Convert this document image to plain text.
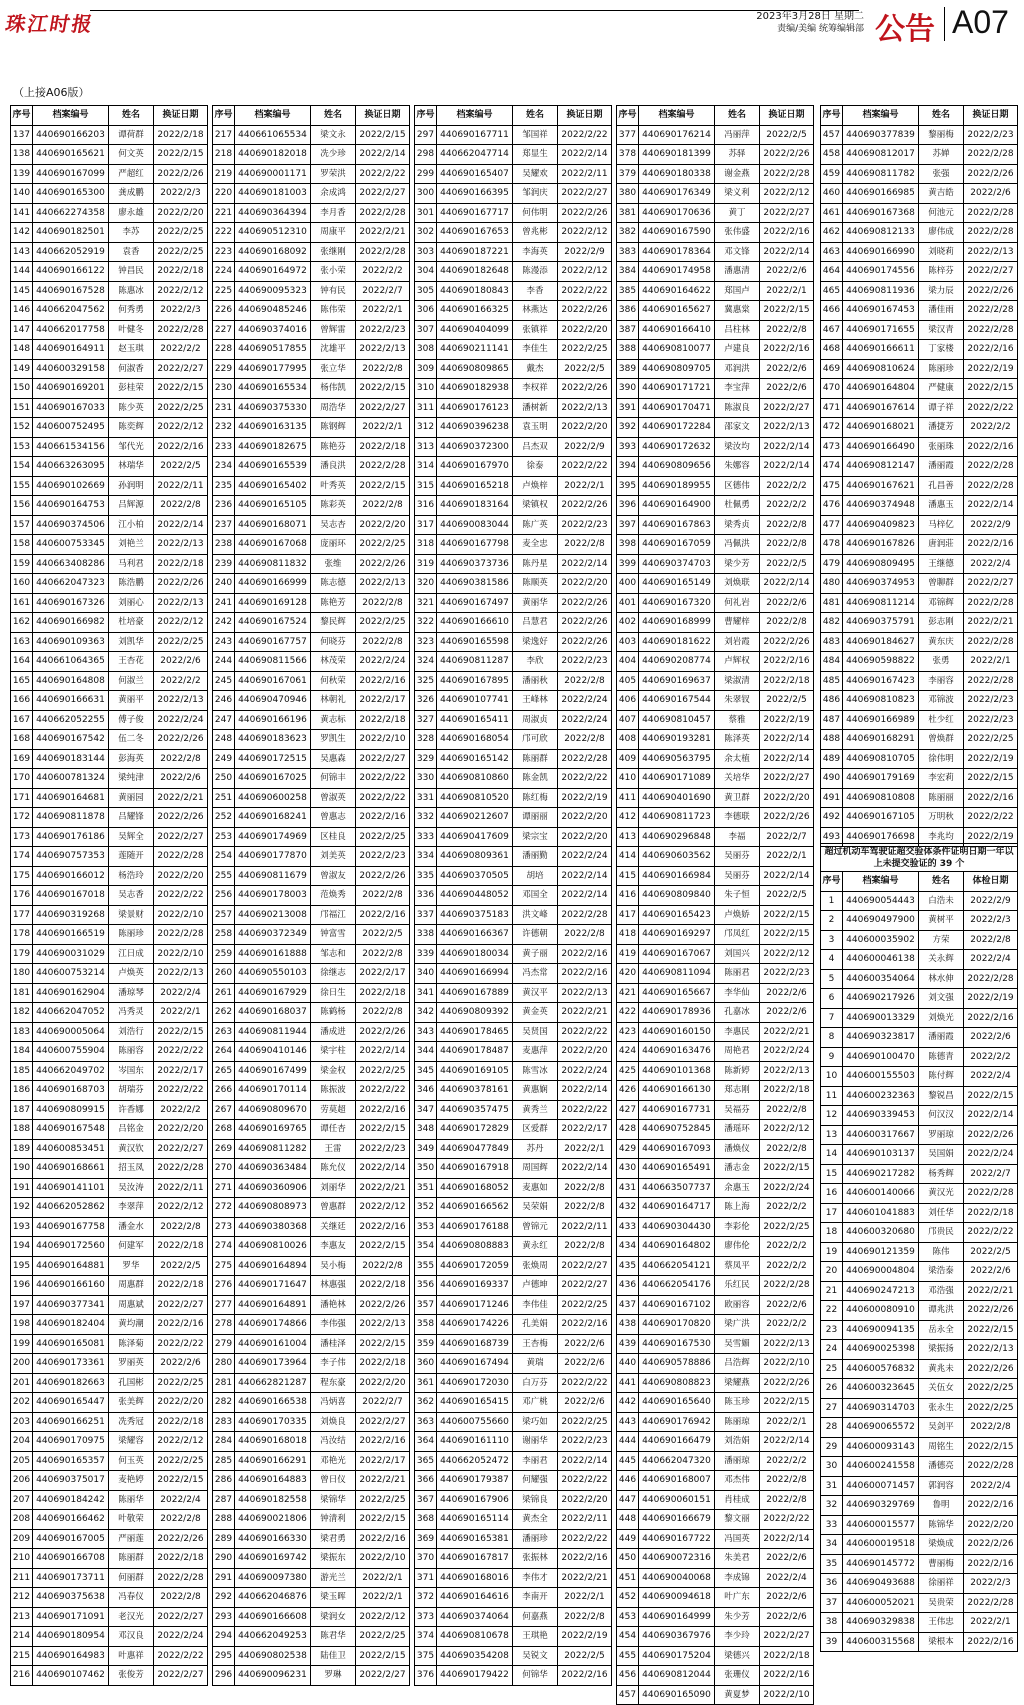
珠江时报	2023年3月28日 星期二
责编/美编 统筹编辑部 公告 A07
（上接A06版）
序号	档案编号	姓名	换证日期
137	440690166203	谭荷群	2022/2/18
138	440690165621	何文英	2022/2/15
139	440690167099	严超红	2022/2/26
140	440690165300	龚成鹏	2022/2/3
141	440662274358	廖永雄	2022/2/20
142	440690182501	李苏	2022/2/25
143	440662052919	袁香	2022/2/25
144	440690166122	钟昌民	2022/2/18
145	440690167528	陈惠冰	2022/2/12
146	440662047562	何秀勇	2022/2/3
147	440662017758	叶健冬	2022/2/28
148	440690164911	赵玉琪	2022/2/2
149	440600329158	何淑香	2022/2/27
150	440690169201	彭桂荣	2022/2/15
151	440690167033	陈少英	2022/2/25
152	440600752495	陈奕辉	2022/2/12
153	440661534156	邹代光	2022/2/16
154	440663263095	林瑞华	2022/2/5
155	440690102669	孙润明	2022/2/11
156	440690164753	吕辉源	2022/2/8
157	440690374506	江小柏	2022/2/14
158	440600753345	刘艳兰	2022/2/13
159	440663408286	马利君	2022/2/18
160	440662047323	陈浩鹏	2022/2/26
161	440690167326	刘丽心	2022/2/13
162	440690166982	杜培豪	2022/2/12
163	440690109363	刘凯华	2022/2/25
164	440661064365	王杏花	2022/2/6
165	440690164808	何淑兰	2022/2/2
166	440690166631	黄丽平	2022/2/13
167	440662052255	傅子俊	2022/2/24
168	440690167542	伍二冬	2022/2/26
169	440690183144	彭海英	2022/2/8
170	440600781324	梁纯津	2022/2/6
171	440690164681	黄丽园	2022/2/21
172	440690811878	吕耀锋	2022/2/26
173	440690176186	吴辉全	2022/2/27
174	440690757353	莲随开	2022/2/28
175	440690166012	杨浩玲	2022/2/20
176	440690167018	吴志香	2022/2/22
177	440690319268	梁景财	2022/2/10
178	440690166519	陈丽珍	2022/2/28
179	440690031029	江日成	2022/2/10
180	440600753214	卢焕英	2022/2/13
181	440690162904	潘琼琴	2022/2/4
182	440662047052	冯秀灵	2022/2/1
183	440690005064	刘浩行	2022/2/15
184	440600755904	陈丽容	2022/2/22
185	440662049702	岑国东	2022/2/17
186	440690168703	胡瑞芬	2022/2/22
187	440690809915	许香娜	2022/2/2
188	440690167548	吕铭金	2022/2/20
189	440600853451	黄汉钦	2022/2/27
190	440690168661	招玉凤	2022/2/28
191	440690141101	吴汝涛	2022/2/11
192	440662052862	李翠萍	2022/2/12
193	440690167758	潘金水	2022/2/8
194	440690172560	何建军	2022/2/18
195	440690164881	罗华	2022/2/5
196	440690166160	周惠群	2022/2/18
197	440690377341	周惠斌	2022/2/27
198	440690182404	黄均潮	2022/2/16
199	440690165081	陈泽菊	2022/2/22
200	440690173361	罗丽英	2022/2/6
201	440690182663	孔国彬	2022/2/25
202	440690165447	张美辉	2022/2/20
203	440690166251	冼秀冠	2022/2/18
204	440690170975	梁耀容	2022/2/12
205	440690165357	何玉英	2022/2/25
206	440690375017	麦艳婷	2022/2/15
207	440690184242	陈丽华	2022/2/4
208	440690166462	叶敬荣	2022/2/8
209	440690167005	严丽莲	2022/2/26
210	440690166708	陈丽群	2022/2/18
211	440690173711	何丽群	2022/2/28
212	440690375638	冯春仪	2022/2/8
213	440690171091	老汉光	2022/2/27
214	440690180954	邓汉良	2022/2/24
215	440690164983	叶惠祥	2022/2/22
216	440690107462	张俊芳	2022/2/27
序号	档案编号	姓名	换证日期
217	440661065534	梁文永	2022/2/15
218	440690182018	冼少珍	2022/2/14
219	440690001171	罗荣洪	2022/2/22
220	440690181003	余成鸿	2022/2/27
221	440690364394	李月香	2022/2/28
222	440690512310	周康平	2022/2/21
223	440690168092	张继刚	2022/2/28
224	440690164972	张小荣	2022/2/2
225	440690095323	钟有民	2022/2/7
226	440690485246	陈伟荣	2022/2/1
227	440690374016	曾辉雷	2022/2/23
228	440690517855	沈雄平	2022/2/13
229	440690177995	张立华	2022/2/8
230	440690165534	杨伟凯	2022/2/15
231	440690375330	周浩华	2022/2/27
232	440690163135	陈钢辉	2022/2/1
233	440690182675	陈艳芬	2022/2/18
234	440690165539	潘良洪	2022/2/28
235	440690165402	叶秀英	2022/2/15
236	440690165105	陈彩英	2022/2/8
237	440690168071	吴志杏	2022/2/20
238	440690167068	庞丽环	2022/2/25
239	440690811832	张维	2022/2/26
240	440690166999	陈志德	2022/2/13
241	440690169128	陈艳芳	2022/2/8
242	440690167524	黎民辉	2022/2/25
243	440690167757	何晓芬	2022/2/8
244	440690811566	林茂荣	2022/2/24
245	440690167061	何秋荣	2022/2/16
246	440690470946	林朝礼	2022/2/17
247	440690166196	黄志标	2022/2/18
248	440690183623	罗凯生	2022/2/10
249	440690172515	吴惠森	2022/2/27
250	440690167025	何锦丰	2022/2/22
251	440690600258	曾淑英	2022/2/22
252	440690168241	曾惠志	2022/2/16
253	440690174969	区桂良	2022/2/25
254	440690177870	刘美英	2022/2/23
255	440690811679	曾淑友	2022/2/26
256	440690178003	范焕秀	2022/2/8
257	440690213008	邝福江	2022/2/16
258	440690372349	钟富雪	2022/2/5
259	440690161888	邹志和	2022/2/8
260	440690550103	徐继志	2022/2/17
261	440690167929	徐日生	2022/2/18
262	440690168037	陈鹤杨	2022/2/8
263	440690811944	潘成进	2022/2/26
264	440690410146	梁宇柱	2022/2/14
265	440690167499	梁金权	2022/2/25
266	440690170114	陈振波	2022/2/22
267	440690809670	劳莫超	2022/2/16
268	440690169765	谭任杏	2022/2/15
269	440690811282	王雷	2022/2/23
270	440690363484	陈允仪	2022/2/14
271	440690360906	刘丽华	2022/2/21
272	440690808973	曾惠群	2022/2/12
273	440690380368	关继廷	2022/2/16
274	440690810026	李惠友	2022/2/15
275	440690164894	吴小梅	2022/2/8
276	440690171647	林惠强	2022/2/18
277	440690164891	潘艳林	2022/2/26
278	440690174866	李伟强	2022/2/13
279	440690161004	潘桂泽	2022/2/15
280	440690173964	李子伟	2022/2/18
281	440662821287	程东豪	2022/2/20
282	440690166538	冯炳喜	2022/2/7
283	440690170335	刘焕良	2022/2/27
284	440690168018	冯汝结	2022/2/16
285	440690166291	邓艳光	2022/2/17
286	440690164883	曾日仪	2022/2/21
287	440690182558	梁锦华	2022/2/25
288	440690021806	钟清利	2022/2/15
289	440690166330	梁君勇	2022/2/16
290	440690169742	梁振东	2022/2/10
291	440690097380	游光兰	2022/2/1
292	440662046876	梁玉晖	2022/2/1
293	440690166608	梁润女	2022/2/12
294	440662049253	陈君华	2022/2/25
295	440690802538	陆佳卫	2022/2/15
296	440690096231	罗琳	2022/2/27
序号	档案编号	姓名	换证日期
297	440690167711	邹国祥	2022/2/22
298	440662047714	郑显生	2022/2/14
299	440690165407	吴耀欢	2022/2/11
300	440690166395	邹润庆	2022/2/27
301	440690167717	何伟明	2022/2/26
302	440690167653	曾兆彬	2022/2/12
303	440690187221	李海英	2022/2/9
304	440690182648	陈漫添	2022/2/12
305	440690180843	李香	2022/2/22
306	440690166325	林燕达	2022/2/26
307	440690404099	张镇祥	2022/2/20
308	440690211141	李佳生	2022/2/25
309	440690809865	戴杰	2022/2/5
310	440690182938	李权祥	2022/2/26
311	440690176123	潘树新	2022/2/13
312	440690396238	袁玉明	2022/2/20
313	440690372300	吕杰双	2022/2/9
314	440690167970	徐泰	2022/2/22
315	440690165218	卢焕梓	2022/2/1
316	440690183164	梁镇权	2022/2/26
317	440690083044	陈广英	2022/2/23
318	440690167798	麦全忠	2022/2/8
319	440690373736	陈丹星	2022/2/14
320	440690381586	陈顺英	2022/2/20
321	440690167497	黄丽华	2022/2/26
322	440690166610	吕慧君	2022/2/26
323	440690165598	梁逸好	2022/2/26
324	440690811287	李欣	2022/2/23
325	440690167895	潘丽秋	2022/2/8
326	440690107741	王峰林	2022/2/24
327	440690165411	周淑贞	2022/2/24
328	440690168054	邝可欣	2022/2/8
329	440690165142	陈丽群	2022/2/28
330	440690810860	陈金凯	2022/2/22
331	440690810520	陈红梅	2022/2/19
332	440690212607	谭丽丽	2022/2/20
333	440690417609	梁宗宝	2022/2/20
334	440690809361	潘丽勤	2022/2/24
335	440690370505	胡培	2022/2/14
336	440690448052	邓国全	2022/2/14
337	440690375183	洪文峰	2022/2/28
338	440690166367	许德朝	2022/2/8
339	440690180034	黄子丽	2022/2/16
340	440690166994	冯杰常	2022/2/16
341	440690167889	黄汉平	2022/2/13
342	440690809392	黄金英	2022/2/21
343	440690178465	吴贤国	2022/2/22
344	440690178487	麦惠萍	2022/2/20
345	440690169105	陈雪冰	2022/2/24
346	440690378161	黄惠娴	2022/2/14
347	440690357475	黄秀兰	2022/2/22
348	440690172829	区爱群	2022/2/17
349	440690477849	苏丹	2022/2/1
350	440690167918	周国辉	2022/2/14
351	440690168052	麦惠如	2022/2/8
352	440690166562	吴荣娟	2022/2/8
353	440690176188	曾锦元	2022/2/11
354	440690808883	黄永红	2022/2/8
355	440690172059	张焕周	2022/2/27
356	440690169337	卢德坤	2022/2/27
357	440690171246	李伟佳	2022/2/25
358	440690174226	孔美娟	2022/2/16
359	440690168739	王杏梅	2022/2/6
360	440690167494	黄瑞	2022/2/6
361	440690172030	白万芬	2022/2/22
362	440690165415	邓广桃	2022/2/6
363	440600755660	梁巧如	2022/2/25
364	440690161110	谢丽华	2022/2/23
365	440662052472	李丽君	2022/2/14
366	440690179387	何耀强	2022/2/22
367	440690167906	梁锦良	2022/2/20
368	440690165114	黄杰全	2022/2/11
369	440690165381	潘丽珍	2022/2/22
370	440690167817	张振林	2022/2/16
371	440690168016	李伟才	2022/2/21
372	440690164616	李南开	2022/2/1
373	440690374064	何嘉燕	2022/2/8
374	440690810678	王琪艳	2022/2/19
375	440690354208	吴锐文	2022/2/5
376	440690179422	何锦华	2022/2/16
序号	档案编号	姓名	换证日期
377	440690176214	冯丽萍	2022/2/5
378	440690181399	苏驿	2022/2/26
379	440690180338	谢金燕	2022/2/28
380	440690176349	梁义利	2022/2/12
381	440690170636	黄丁	2022/2/27
382	440690167590	张伟盛	2022/2/16
383	440690178364	邓文锋	2022/2/14
384	440690174958	潘惠清	2022/2/6
385	440690164622	郑国卢	2022/2/1
386	440690165627	冀惠棠	2022/2/15
387	440690166410	吕柱林	2022/2/8
388	440690810077	卢建良	2022/2/16
389	440690809705	邓润洪	2022/2/6
390	440690171721	李宝萍	2022/2/6
391	440690170471	陈淑良	2022/2/27
392	440690172284	邵家文	2022/2/13
393	440690172632	梁汝均	2022/2/14
394	440690809656	朱娜容	2022/2/14
395	440690189955	区德伟	2022/2/2
396	440690164900	杜佩勇	2022/2/2
397	440690167863	梁秀贞	2022/2/8
398	440690167059	冯佩洪	2022/2/8
399	440690374703	梁少芳	2022/2/5
400	440690165149	刘焕联	2022/2/14
401	440690167320	何礼岩	2022/2/6
402	440690168999	曹耀梓	2022/2/8
403	440690181622	刘岩霞	2022/2/26
404	440690208774	卢辉权	2022/2/16
405	440690169637	梁淑清	2022/2/18
406	440690167544	朱翠钗	2022/2/5
407	440690810457	蔡雅	2022/2/19
408	440690193281	陈泽英	2022/2/14
409	440690563795	余太植	2022/2/14
410	440690171089	关培华	2022/2/27
411	440690401690	黄卫群	2022/2/20
412	440690811723	李德联	2022/2/26
413	440690296848	李福	2022/2/7
414	440690603562	吴丽芬	2022/2/1
415	440690166984	吴丽芬	2022/2/14
416	440690809840	朱子恒	2022/2/5
417	440690165423	卢焕娇	2022/2/15
418	440690169297	邝凤红	2022/2/15
419	440690167067	刘国兴	2022/2/12
420	440690811094	陈丽君	2022/2/23
421	440690165667	李华仙	2022/2/6
422	440690178936	孔嘉冰	2022/2/6
423	440690160150	李惠民	2022/2/21
424	440690163476	周艳君	2022/2/24
425	440690101368	陈新婷	2022/2/13
426	440690166130	郑志刚	2022/2/18
427	440690167731	吴福芬	2022/2/8
428	440690752845	潘瑶环	2022/2/12
429	440690167093	潘焕仪	2022/2/8
430	440690165491	潘志金	2022/2/15
431	440663507737	余惠玉	2022/2/24
432	440690164717	陈上海	2022/2/2
433	440690304430	李彩伦	2022/2/25
434	440690164802	廖伟伦	2022/2/2
435	440662054121	蔡凤平	2022/2/2
436	440662054176	乐红民	2022/2/28
437	440690167102	欧丽容	2022/2/6
438	440690170820	梁广洪	2022/2/2
439	440690167530	吴雪媚	2022/2/13
440	440690578886	吕浩辉	2022/2/10
441	440690808823	梁耀燕	2022/2/26
442	440690165640	陈玉珍	2022/2/15
443	440690176942	陈丽琼	2022/2/1
444	440690166479	刘浩娟	2022/2/14
445	440662047320	潘丽琼	2022/2/2
446	440690168007	邓杰伟	2022/2/8
447	440690060151	肖桂成	2022/2/8
448	440690166679	黎文丽	2022/2/22
449	440690167722	冯国英	2022/2/14
450	440690072316	朱美君	2022/2/6
451	440690040068	李成锦	2022/2/4
452	440690094618	叶广东	2022/2/6
453	440690164999	朱少芳	2022/2/6
454	440690367976	李少玲	2022/2/27
455	440690175204	梁德兴	2022/2/18
456	440690812044	张珊仪	2022/2/16
457	440690165090	黄夏梦	2022/2/10
序号	档案编号	姓名	换证日期
457	440690377839	黎丽梅	2022/2/23
458	440690812017	苏婵	2022/2/28
459	440690811782	张强	2022/2/26
460	440690166985	黄吉皓	2022/2/6
461	440690167368	何池元	2022/2/28
462	440690812133	廖伟成	2022/2/28
463	440690166990	刘晓莉	2022/2/13
464	440690174556	陈梓芬	2022/2/27
465	440690811936	梁力辰	2022/2/26
466	440690167453	潘佳雨	2022/2/28
467	440690171655	梁汉青	2022/2/28
468	440690166611	丁家楼	2022/2/16
469	440690810624	陈丽珍	2022/2/19
470	440690164804	严健康	2022/2/15
471	440690167614	谭子祥	2022/2/22
472	440690168021	潘捷芳	2022/2/2
473	440690166490	张丽珠	2022/2/16
474	440690812147	潘丽霞	2022/2/28
475	440690167621	孔昌善	2022/2/28
476	440690374948	潘惠玉	2022/2/14
477	440690409823	马梓亿	2022/2/9
478	440690167826	唐润莊	2022/2/16
479	440690809495	王继德	2022/2/4
480	440690374953	曾聊群	2022/2/27
481	440690811214	邓锦辉	2022/2/28
482	440690375791	彭志刚	2022/2/21
483	440690184627	黄东庆	2022/2/28
484	440690598822	张勇	2022/2/1
485	440690167423	李丽容	2022/2/28
486	440690810823	邓锦波	2022/2/23
487	440690166989	杜少红	2022/2/23
488	440690168291	曾焕群	2022/2/25
489	440690810705	徐伟明	2022/2/19
490	440690179169	李宏莉	2022/2/15
491	440690810808	陈丽丽	2022/2/16
492	440690167105	万明秋	2022/2/22
493	440690176698	李兆均	2022/2/19
超过机动车驾驶证超交验体条件证明日期一年以上未提交验证的 39 个
序号	档案编号	姓名	体检日期
1	440690054443	白浩未	2022/2/9
2	440690497900	黄树平	2022/2/3
3	440600035902	方荣	2022/2/8
4	440600046138	关永辉	2022/2/4
5	440600354064	林水伸	2022/2/28
6	440690217926	刘文强	2022/2/19
7	440690013329	刘焕光	2022/2/16
8	440690323817	潘丽霞	2022/2/6
9	440690100470	陈德青	2022/2/2
10	440600155503	陈付辉	2022/2/4
11	440600232363	黎锐昌	2022/2/15
12	440690339453	何汉汉	2022/2/14
13	440600317667	罗丽琼	2022/2/26
14	440690103137	吴国娟	2022/2/24
15	440690217282	杨秀辉	2022/2/7
16	440600140066	黄汉光	2022/2/28
17	440601041883	刘任华	2022/2/18
18	440600320680	邝贵民	2022/2/22
19	440690121359	陈伟	2022/2/5
20	440690004804	梁浩泰	2022/2/6
21	440690247213	邓浩强	2022/2/21
22	440600080910	谭兆洪	2022/2/26
23	440690094135	岳永全	2022/2/15
24	440690025398	梁振扬	2022/2/13
25	440600576832	黄兆未	2022/2/26
26	440600323645	关伍女	2022/2/25
27	440690314703	张永生	2022/2/25
28	440690065572	吴剑平	2022/2/8
29	440600093143	周铭生	2022/2/15
30	440600241558	潘德亮	2022/2/28
31	440600071457	郭润容	2022/2/4
32	440690329769	鲁明	2022/2/16
33	440600015577	陈锦华	2022/2/20
34	440600019518	梁焕成	2022/2/26
35	440690145772	曹丽梅	2022/2/16
36	440690493688	徐丽祥	2022/2/3
37	440600052021	吴贵荣	2022/2/28
38	440690329838	王伟忠	2022/2/1
39	440600315568	梁根本	2022/2/16
